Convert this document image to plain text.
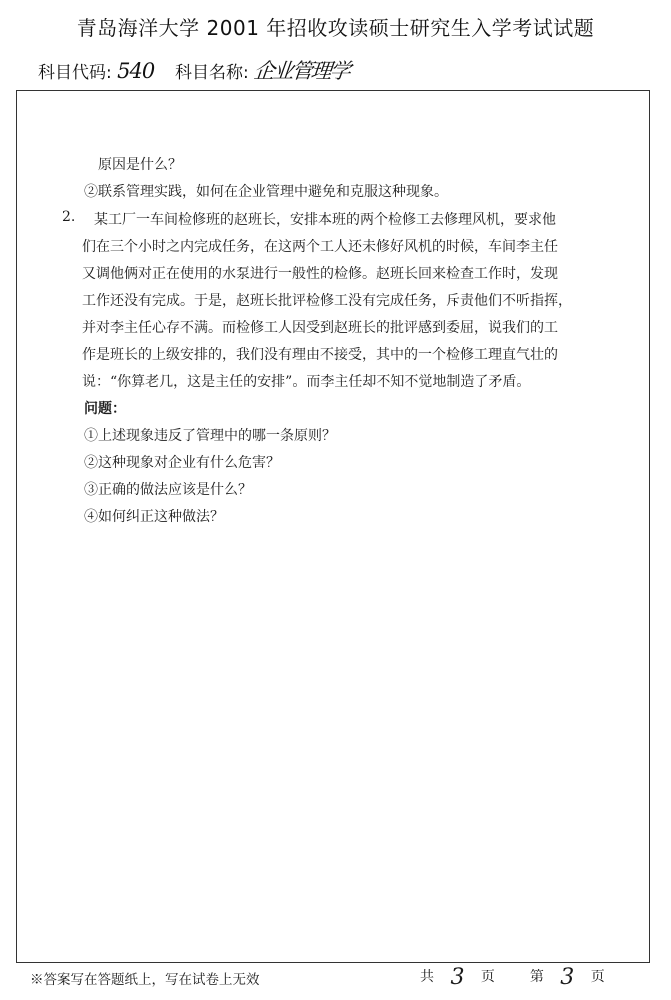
青岛海洋大学 2001 年招收攻读硕士研究生入学考试试题
科目代码: 540 科目名称: 企业管理学
原因是什么？
②联系管理实践，如何在企业管理中避免和克服这种现象。
2. 某工厂一车间检修班的赵班长，安排本班的两个检修工去修理风机，要求他
们在三个小时之内完成任务，在这两个工人还未修好风机的时候，车间李主任
又调他俩对正在使用的水泵进行一般性的检修。赵班长回来检查工作时，发现
工作还没有完成。于是，赵班长批评检修工没有完成任务，斥责他们不听指挥，
并对李主任心存不满。而检修工人因受到赵班长的批评感到委屈，说我们的工
作是班长的上级安排的，我们没有理由不接受，其中的一个检修工理直气壮的
说：“你算老几，这是主任的安排”。而李主任却不知不觉地制造了矛盾。
问题：
①上述现象违反了管理中的哪一条原则？
②这种现象对企业有什么危害？
③正确的做法应该是什么？
④如何纠正这种做法？
※答案写在答题纸上，写在试卷上无效	共 3 页 第 3 页
